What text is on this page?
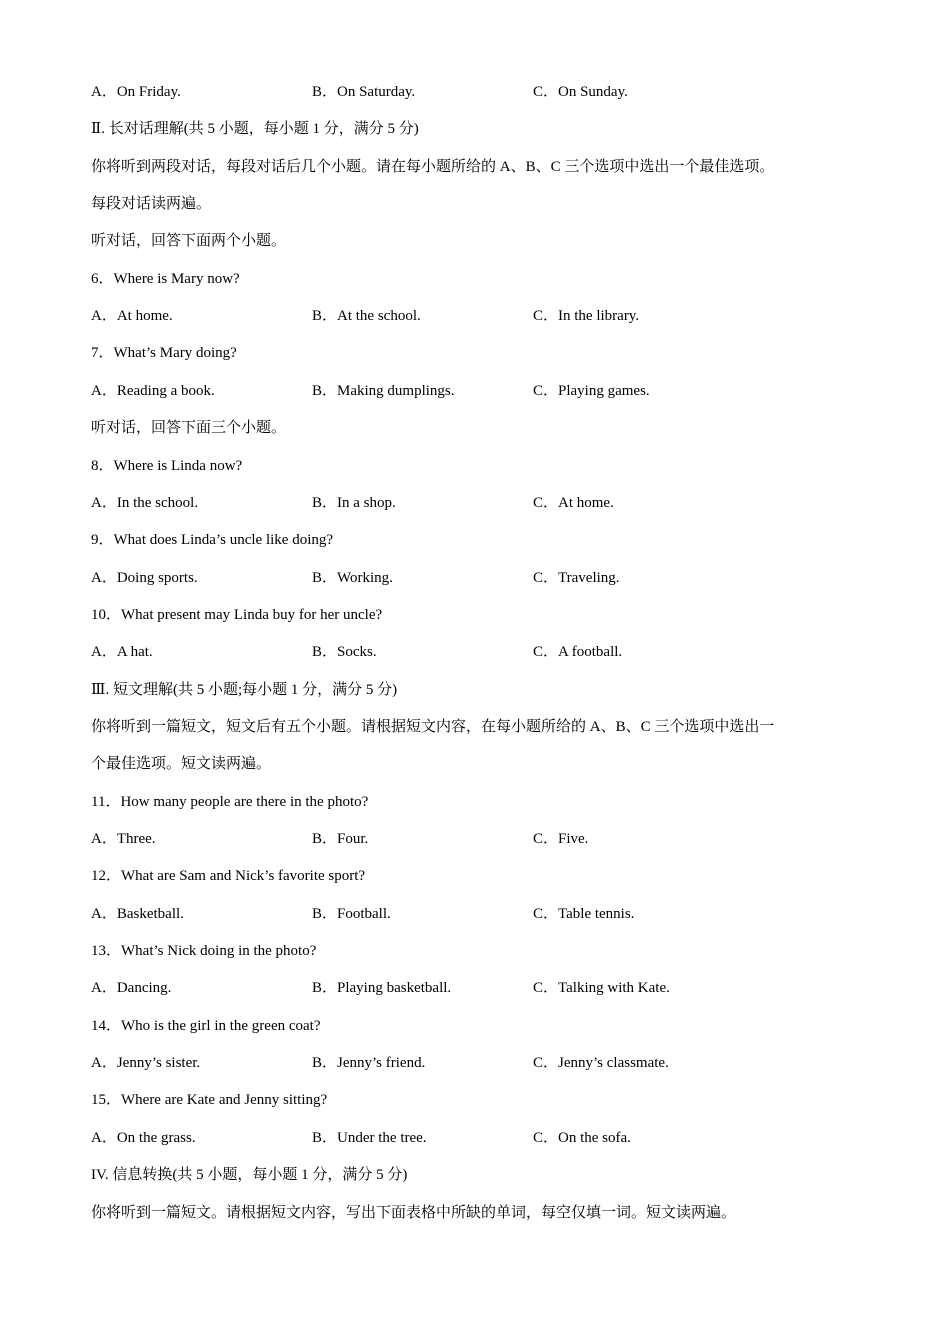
A．On Friday.	B．On Saturday.	C．On Sunday.
Ⅱ. 长对话理解(共 5 小题，每小题 1 分，满分 5 分)
你将听到两段对话，每段对话后几个小题。请在每小题所给的 A、B、C 三个选项中选出一个最佳选项。
每段对话读两遍。
听对话，回答下面两个小题。
6．Where is Mary now?
A．At home.	B．At the school.	C．In the library.
7．What’s Mary doing?
A．Reading a book.	B．Making dumplings.	C．Playing games.
听对话，回答下面三个小题。
8．Where is Linda now?
A．In the school.	B．In a shop.	C．At home.
9．What does Linda’s uncle like doing?
A．Doing sports.	B．Working.	C．Traveling.
10．What present may Linda buy for her uncle?
A．A hat.	B．Socks.	C．A football.
Ⅲ. 短文理解(共 5 小题;每小题 1 分，满分 5 分)
你将听到一篇短文，短文后有五个小题。请根据短文内容，在每小题所给的 A、B、C 三个选项中选出一
个最佳选项。短文读两遍。
11．How many people are there in the photo?
A．Three.	B．Four.	C．Five.
12．What are Sam and Nick’s favorite sport?
A．Basketball.	B．Football.	C．Table tennis.
13．What’s Nick doing in the photo?
A．Dancing.	B．Playing basketball.	C．Talking with Kate.
14．Who is the girl in the green coat?
A．Jenny’s sister.	B．Jenny’s friend.	C．Jenny’s classmate.
15．Where are Kate and Jenny sitting?
A．On the grass.	B．Under the tree.	C．On the sofa.
IV. 信息转换(共 5 小题，每小题 1 分，满分 5 分)
你将听到一篇短文。请根据短文内容，写出下面表格中所缺的单词，每空仅填一词。短文读两遍。
